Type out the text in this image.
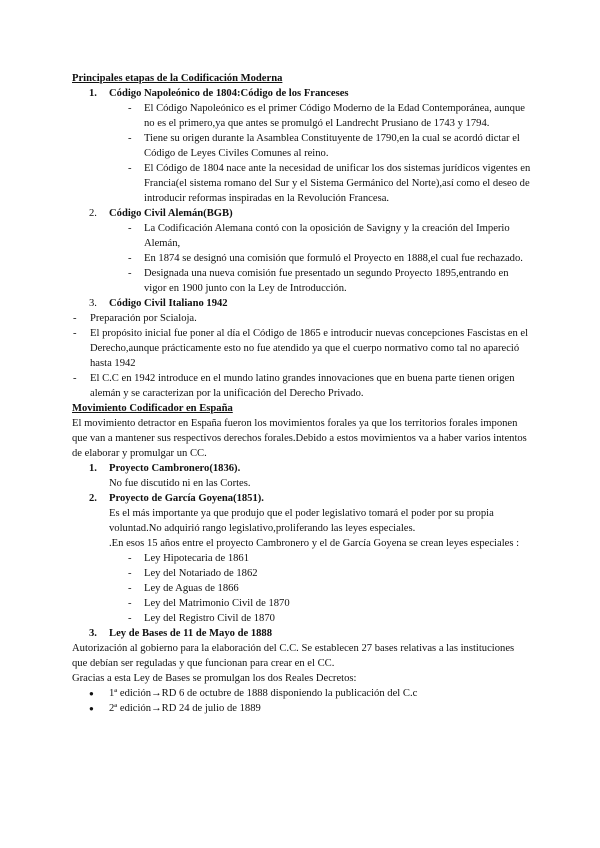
Principales etapas de la Codificación Moderna
1. Código Napoleónico de 1804:Código de los Franceses
- El Código Napoleónico es el primer Código Moderno de la Edad Contemporánea, aunque no es el primero,ya que antes se promulgó el Landrecht Prusiano de 1743 y 1794.
- Tiene su origen durante la Asamblea Constituyente de 1790,en la cual se acordó dictar el Código de Leyes Civiles Comunes al reino.
- El Código de 1804 nace ante la necesidad de unificar los dos sistemas jurídicos vigentes en Francia(el sistema romano del Sur y el Sistema Germánico del Norte),así como el deseo de introducir reformas inspiradas en la Revolución Francesa.
2. Código Civil Alemán(BGB)
- La Codificación Alemana contó con la oposición de Savigny y la creación del Imperio Alemán,
- En 1874 se designó una comisión que formuló el Proyecto en 1888,el cual fue rechazado.
- Designada una nueva comisión fue presentado un segundo Proyecto 1895,entrando en vigor en 1900 junto con la Ley de Introducción.
3. Código Civil Italiano 1942
- Preparación por Scialoja.
- El propósito inicial fue poner al día el Código de 1865 e introducir nuevas concepciones Fascistas en el Derecho,aunque prácticamente esto no fue atendido ya que el cuerpo normativo como tal no apareció hasta 1942
- El C.C en 1942 introduce en el mundo latino grandes innovaciones que en buena parte tienen origen alemán y se caracterizan por la unificación del Derecho Privado.
Movimiento Codificador en España
El movimiento detractor en España fueron los movimientos forales ya que los territorios forales imponen que van a mantener sus respectivos derechos forales.Debido a estos movimientos va a haber varios intentos de elaborar y promulgar un CC.
1. Proyecto Cambronero(1836).
No fue discutido ni en las Cortes.
2. Proyecto de García Goyena(1851).
Es el más importante ya que produjo que el poder legislativo tomará el poder por su propia voluntad.No adquirió rango legislativo,proliferando las leyes especiales.
.En esos 15 años entre el proyecto Cambronero y el de García Goyena se crean leyes especiales :
- Ley Hipotecaria de 1861
- Ley del Notariado de 1862
- Ley de Aguas de 1866
- Ley del Matrimonio Civil de 1870
- Ley del Registro Civil de 1870
3. Ley de Bases de 11 de Mayo de 1888
Autorización al gobierno para la elaboración del C.C. Se establecen 27 bases relativas a las instituciones que debían ser reguladas y que funcionan para crear en el CC.
Gracias a esta Ley de Bases se promulgan los dos Reales Decretos:
● 1ª edición→RD 6 de octubre de 1888 disponiendo la publicación del C.c
● 2ª edición→RD 24 de julio de 1889
